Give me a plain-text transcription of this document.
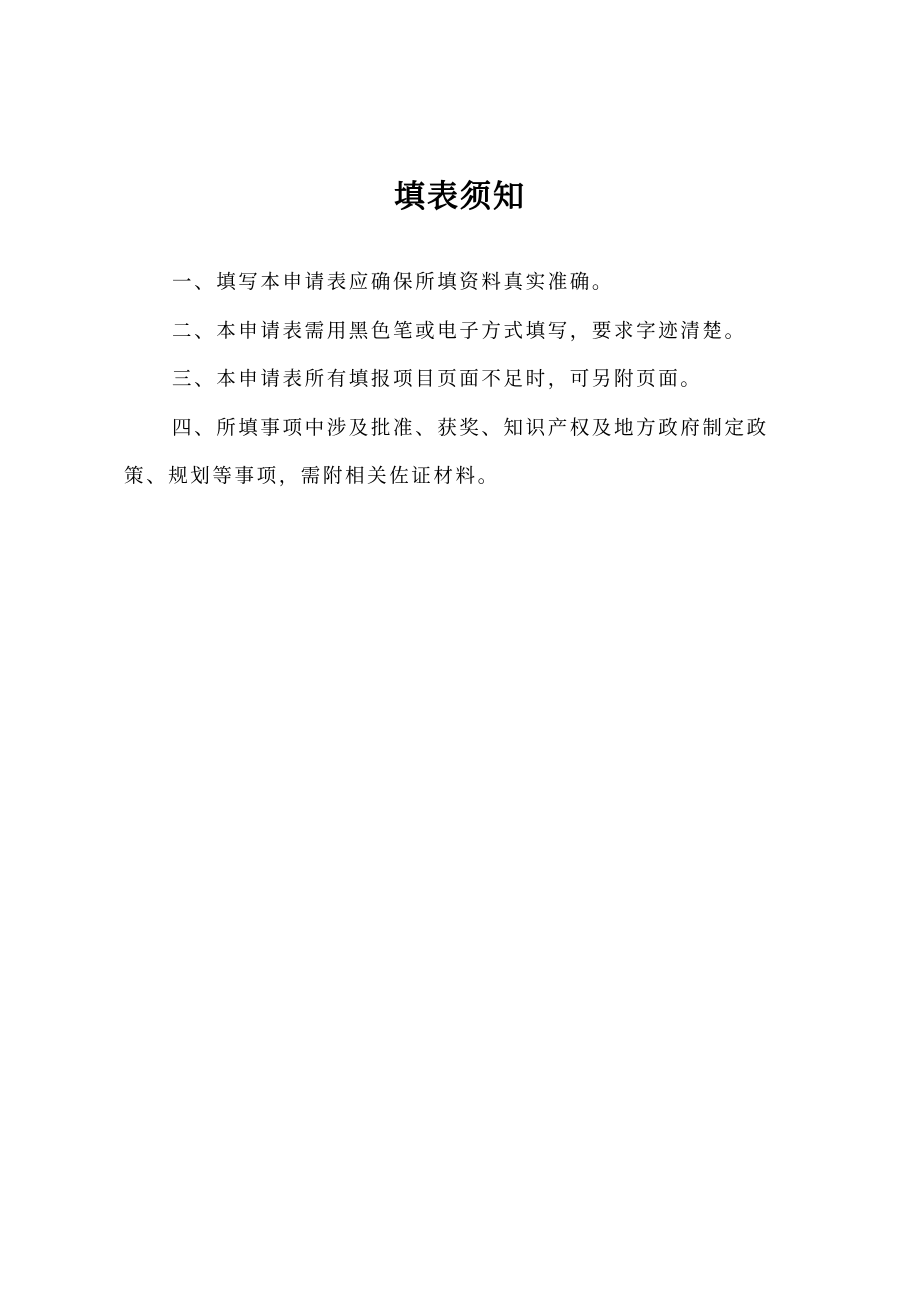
填表须知

一、填写本申请表应确保所填资料真实准确。

二、本申请表需用黑色笔或电子方式填写，要求字迹清楚。

三、本申请表所有填报项目页面不足时，可另附页面。

四、所填事项中涉及批准、获奖、知识产权及地方政府制定政策、规划等事项，需附相关佐证材料。
